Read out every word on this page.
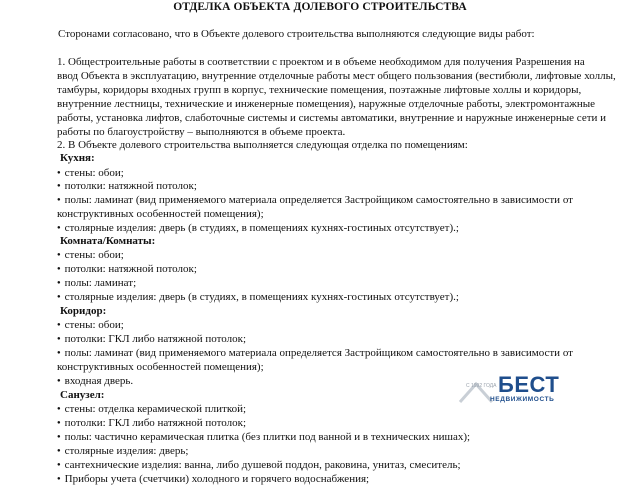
ОТДЕЛКА ОБЪЕКТА ДОЛЕВОГО СТРОИТЕЛЬСТВА
Сторонами согласовано, что в Объекте долевого строительства выполняются следующие виды работ:
1. Общестроительные работы в соответствии с проектом и в объеме необходимом для получения Разрешения на
ввод Объекта в эксплуатацию, внутренние отделочные работы мест общего пользования (вестибюли, лифтовые холлы,
тамбуры, коридоры входных групп в корпус, технические помещения, поэтажные лифтовые холлы и коридоры,
внутренние лестницы, технические и инженерные помещения), наружные отделочные работы, электромонтажные
работы, установка лифтов, слаботочные системы и системы автоматики, внутренние и наружные инженерные сети и
работы по благоустройству – выполняются в объеме проекта.
2. В Объекте долевого строительства выполняется следующая отделка по помещениям:
Кухня:
● стены: обои;
● потолки: натяжной потолок;
● полы: ламинат (вид применяемого материала определяется Застройщиком самостоятельно в зависимости от
конструктивных особенностей помещения);
● столярные изделия: дверь (в студиях, в помещениях кухнях-гостиных отсутствует).;
Комната/Комнаты:
● стены: обои;
● потолки: натяжной потолок;
● полы: ламинат;
● столярные изделия: дверь (в студиях, в помещениях кухнях-гостиных отсутствует).;
Коридор:
● стены: обои;
● потолки: ГКЛ либо натяжной потолок;
● полы: ламинат (вид применяемого материала определяется Застройщиком самостоятельно в зависимости от
конструктивных особенностей помещения);
● входная дверь.
Санузел:
● стены: отделка керамической плиткой;
● потолки: ГКЛ либо натяжной потолок;
● полы: частично керамическая плитка (без плитки под ванной и в технических нишах);
● столярные изделия: дверь;
● сантехнические изделия: ванна, либо душевой поддон, раковина, унитаз, смеситель;
● Приборы учета (счетчики) холодного и горячего водоснабжения;
С 1992 ГОДА БЕСТ
НЕДВИЖИМОСТЬ
